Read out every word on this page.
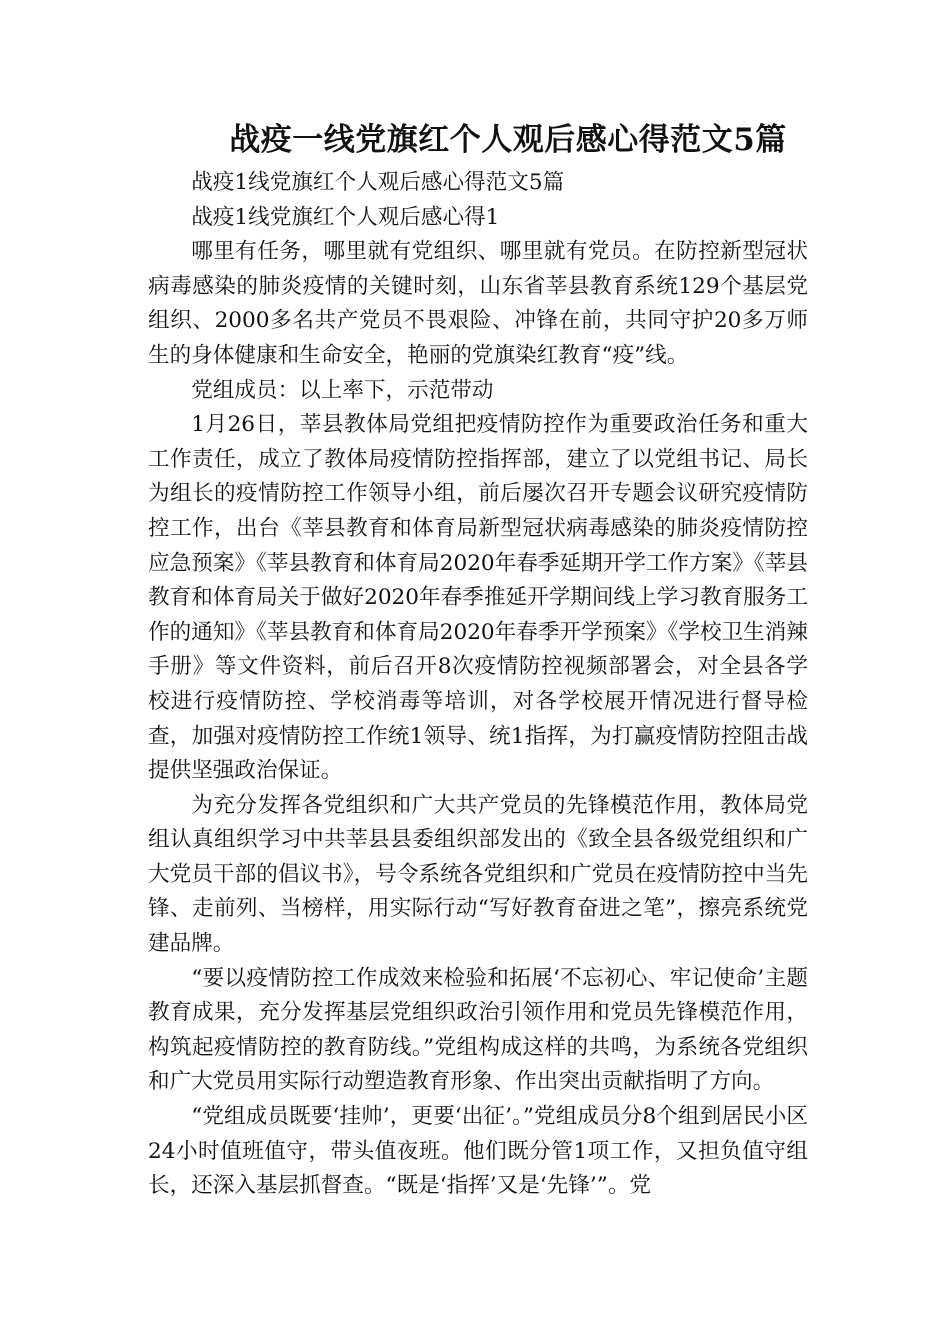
战疫一线党旗红个人观后感心得范文5篇

战疫1线党旗红个人观后感心得范文5篇

战疫1线党旗红个人观后感心得1

哪里有任务，哪里就有党组织、哪里就有党员。在防控新型冠状病毒感染的肺炎疫情的关键时刻，山东省莘县教育系统129个基层党组织、2000多名共产党员不畏艰险、冲锋在前，共同守护20多万师生的身体健康和生命安全，艳丽的党旗染红教育“疫”线。

党组成员：以上率下，示范带动

1月26日，莘县教体局党组把疫情防控作为重要政治任务和重大工作责任，成立了教体局疫情防控指挥部，建立了以党组书记、局长为组长的疫情防控工作领导小组，前后屡次召开专题会议研究疫情防控工作，出台《莘县教育和体育局新型冠状病毒感染的肺炎疫情防控应急预案》《莘县教育和体育局2020年春季延期开学工作方案》《莘县教育和体育局关于做好2020年春季推延开学期间线上学习教育服务工作的通知》《莘县教育和体育局2020年春季开学预案》《学校卫生消辣手册》等文件资料，前后召开8次疫情防控视频部署会，对全县各学校进行疫情防控、学校消毒等培训，对各学校展开情况进行督导检查，加强对疫情防控工作统1领导、统1指挥，为打赢疫情防控阻击战提供坚强政治保证。

为充分发挥各党组织和广大共产党员的先锋模范作用，教体局党组认真组织学习中共莘县县委组织部发出的《致全县各级党组织和广大党员干部的倡议书》，号令系统各党组织和广党员在疫情防控中当先锋、走前列、当榜样，用实际行动“写好教育奋进之笔”，擦亮系统党建品牌。

“要以疫情防控工作成效来检验和拓展‘不忘初心、牢记使命’主题教育成果，充分发挥基层党组织政治引领作用和党员先锋模范作用，构筑起疫情防控的教育防线。”党组构成这样的共鸣，为系统各党组织和广大党员用实际行动塑造教育形象、作出突出贡献指明了方向。

“党组成员既要‘挂帅’，更要‘出征’。”党组成员分8个组到居民小区24小时值班值守，带头值夜班。他们既分管1项工作，又担负值守组长，还深入基层抓督查。“既是‘指挥’又是‘先锋’”。党
